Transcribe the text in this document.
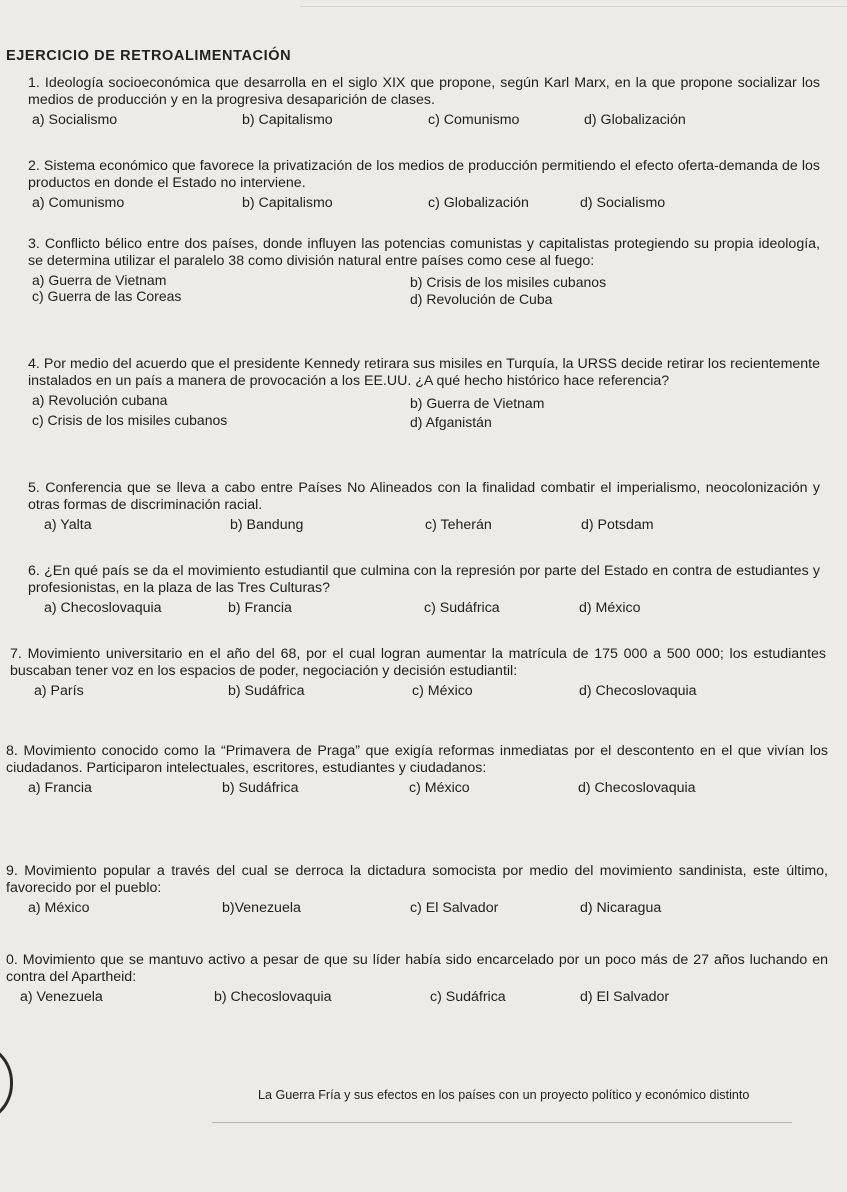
EJERCICIO DE RETROALIMENTACIÓN
1. Ideología socioeconómica que desarrolla en el siglo XIX que propone, según Karl Marx, en la que propone socializar los medios de producción y en la progresiva desaparición de clases.
a) Socialismo	b) Capitalismo	c) Comunismo	d) Globalización
2. Sistema económico que favorece la privatización de los medios de producción permitiendo el efecto oferta-demanda de los productos en donde el Estado no interviene.
a) Comunismo	b) Capitalismo	c) Globalización	d) Socialismo
3. Conflicto bélico entre dos países, donde influyen las potencias comunistas y capitalistas protegiendo su propia ideología, se determina utilizar el paralelo 38 como división natural entre países como cese al fuego:
a) Guerra de Vietnam	b) Crisis de los misiles cubanos
c) Guerra de las Coreas	d) Revolución de Cuba
4. Por medio del acuerdo que el presidente Kennedy retirara sus misiles en Turquía, la URSS decide retirar los recientemente instalados en un país a manera de provocación a los EE.UU. ¿A qué hecho histórico hace referencia?
a) Revolución cubana	b) Guerra de Vietnam
c) Crisis de los misiles cubanos	d) Afganistán
5. Conferencia que se lleva a cabo entre Países No Alineados con la finalidad combatir el imperialismo, neocolonización y otras formas de discriminación racial.
a) Yalta	b) Bandung	c) Teherán	d) Potsdam
6. ¿En qué país se da el movimiento estudiantil que culmina con la represión por parte del Estado en contra de estudiantes y profesionistas, en la plaza de las Tres Culturas?
a) Checoslovaquia	b) Francia	c) Sudáfrica	d) México
7. Movimiento universitario en el año del 68, por el cual logran aumentar la matrícula de 175 000 a 500 000; los estudiantes buscaban tener voz en los espacios de poder, negociación y decisión estudiantil:
a) París	b) Sudáfrica	c) México	d) Checoslovaquia
8. Movimiento conocido como la “Primavera de Praga” que exigía reformas inmediatas por el descontento en el que vivían los ciudadanos. Participaron intelectuales, escritores, estudiantes y ciudadanos:
a) Francia	b) Sudáfrica	c) México	d) Checoslovaquia
9. Movimiento popular a través del cual se derroca la dictadura somocista por medio del movimiento sandinista, este último, favorecido por el pueblo:
a) México	b)Venezuela	c) El Salvador	d) Nicaragua
0. Movimiento que se mantuvo activo a pesar de que su líder había sido encarcelado por un poco más de 27 años luchando en contra del Apartheid:
a) Venezuela	b) Checoslovaquia	c) Sudáfrica	d) El Salvador
La Guerra Fría y sus efectos en los países con un proyecto político y económico distinto
